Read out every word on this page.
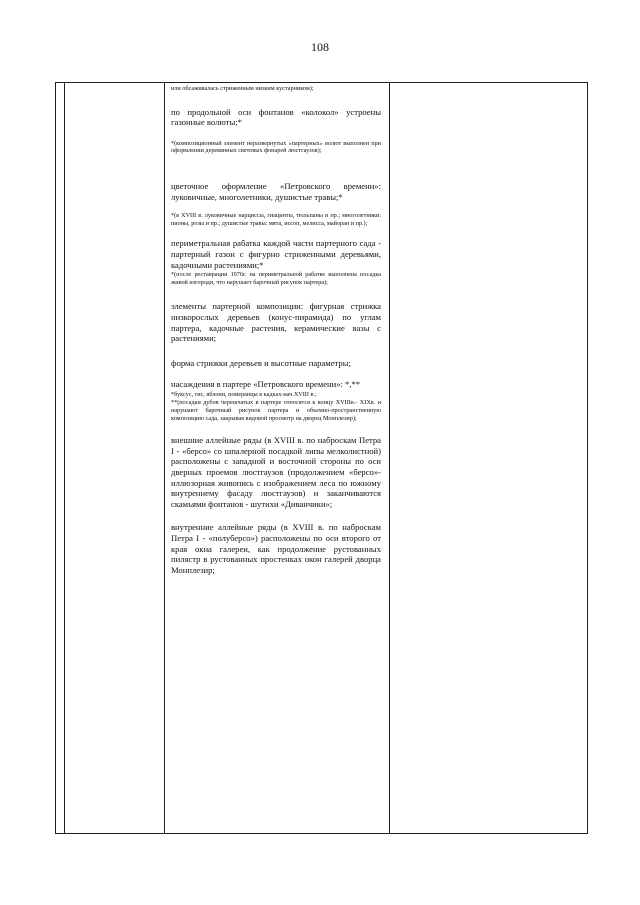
108

или обсаживалась стриженным низким кустарником);

по продольной оси фонтанов «колокол» устроены газонные волюты;*

*(композиционный элемент неразвернутых «партерных» волют выполнен при оформлении деревянных световых фонарей люстгаузов);

цветочное оформление «Петровского времени»: луковичные, многолетники, душистые травы;*

*(в XVIII в. луковичные нарциссы, гиацинты, тюльпаны и пр.; многолетники: пионы, розы и пр.; душистые травы: мята, иссоп, мелисса, майоран и пр.);

периметральная рабатка каждой части партерного сада - партерный газон с фигурно стриженными деревьями, кадочными растениями;*

*(после реставрации 1976г. на периметральной рабатке выполнена посадка живой изгороди, что нарушает барочный рисунок партера);

элементы партерной композиции: фигурная стрижка низкорослых деревьев (конус-пирамида) по углам партера, кадочные растения, керамические вазы с растениями;

форма стрижки деревьев и высотные параметры;

насаждения в партере «Петровского времени»: *,**

*буксус, тис, яблони, померанцы в кадках-нач.XVIII в.;

**(посадки дубов черешчатых в партере относятся к концу XVIIIв.- XIXв. и нарушают барочный рисунок партера и объемно-пространственную композицию сада, закрывая видовой просмотр на дворец Монплезир);

внешние аллейные ряды (в XVIII в. по наброскам Петра I - «берсо» со шпалерной посадкой липы мелколистной) расположены с западной и восточной стороны по оси дверных проемов люстгаузов (продолжением «берсо»- иллюзорная живопись с изображением леса по южному внутреннему фасаду люстгаузов) и заканчиваются скамьями фонтанов - шутихи «Диванчики»;

внутренние аллейные ряды (в XVIII в. по наброскам Петра I - «полуберсо») расположены по оси второго от края окна галереи, как продолжение рустованных пилястр в рустованных простенках окон галерей дворца Монплезир;
